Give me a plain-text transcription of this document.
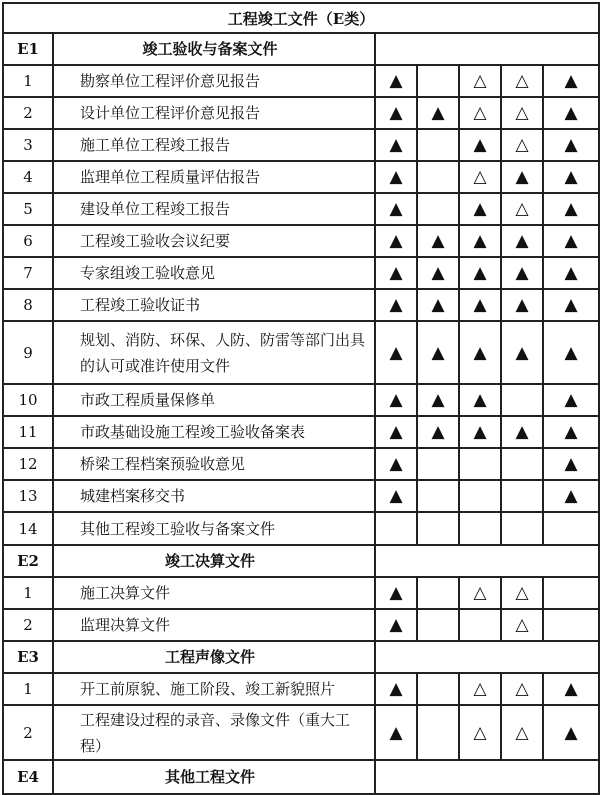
工程竣工文件（E类）						
E1	竣工验收与备案文件					
1	勘察单位工程评价意见报告	▲		△	△	▲
2	设计单位工程评价意见报告	▲	▲	△	△	▲
3	施工单位工程竣工报告	▲		▲	△	▲
4	监理单位工程质量评估报告	▲		△	▲	▲
5	建设单位工程竣工报告	▲		▲	△	▲
6	工程竣工验收会议纪要	▲	▲	▲	▲	▲
7	专家组竣工验收意见	▲	▲	▲	▲	▲
8	工程竣工验收证书	▲	▲	▲	▲	▲
9	规划、消防、环保、人防、防雷等部门出具的认可或准许使用文件	▲	▲	▲	▲	▲
10	市政工程质量保修单	▲	▲	▲		▲
11	市政基础设施工程竣工验收备案表	▲	▲	▲	▲	▲
12	桥梁工程档案预验收意见	▲				▲
13	城建档案移交书	▲				▲
14	其他工程竣工验收与备案文件					
E2	竣工决算文件					
1	施工决算文件	▲		△	△	
2	监理决算文件	▲			△	
E3	工程声像文件					
1	开工前原貌、施工阶段、竣工新貌照片	▲		△	△	▲
2	工程建设过程的录音、录像文件（重大工程）	▲		△	△	▲
E4	其他工程文件					
